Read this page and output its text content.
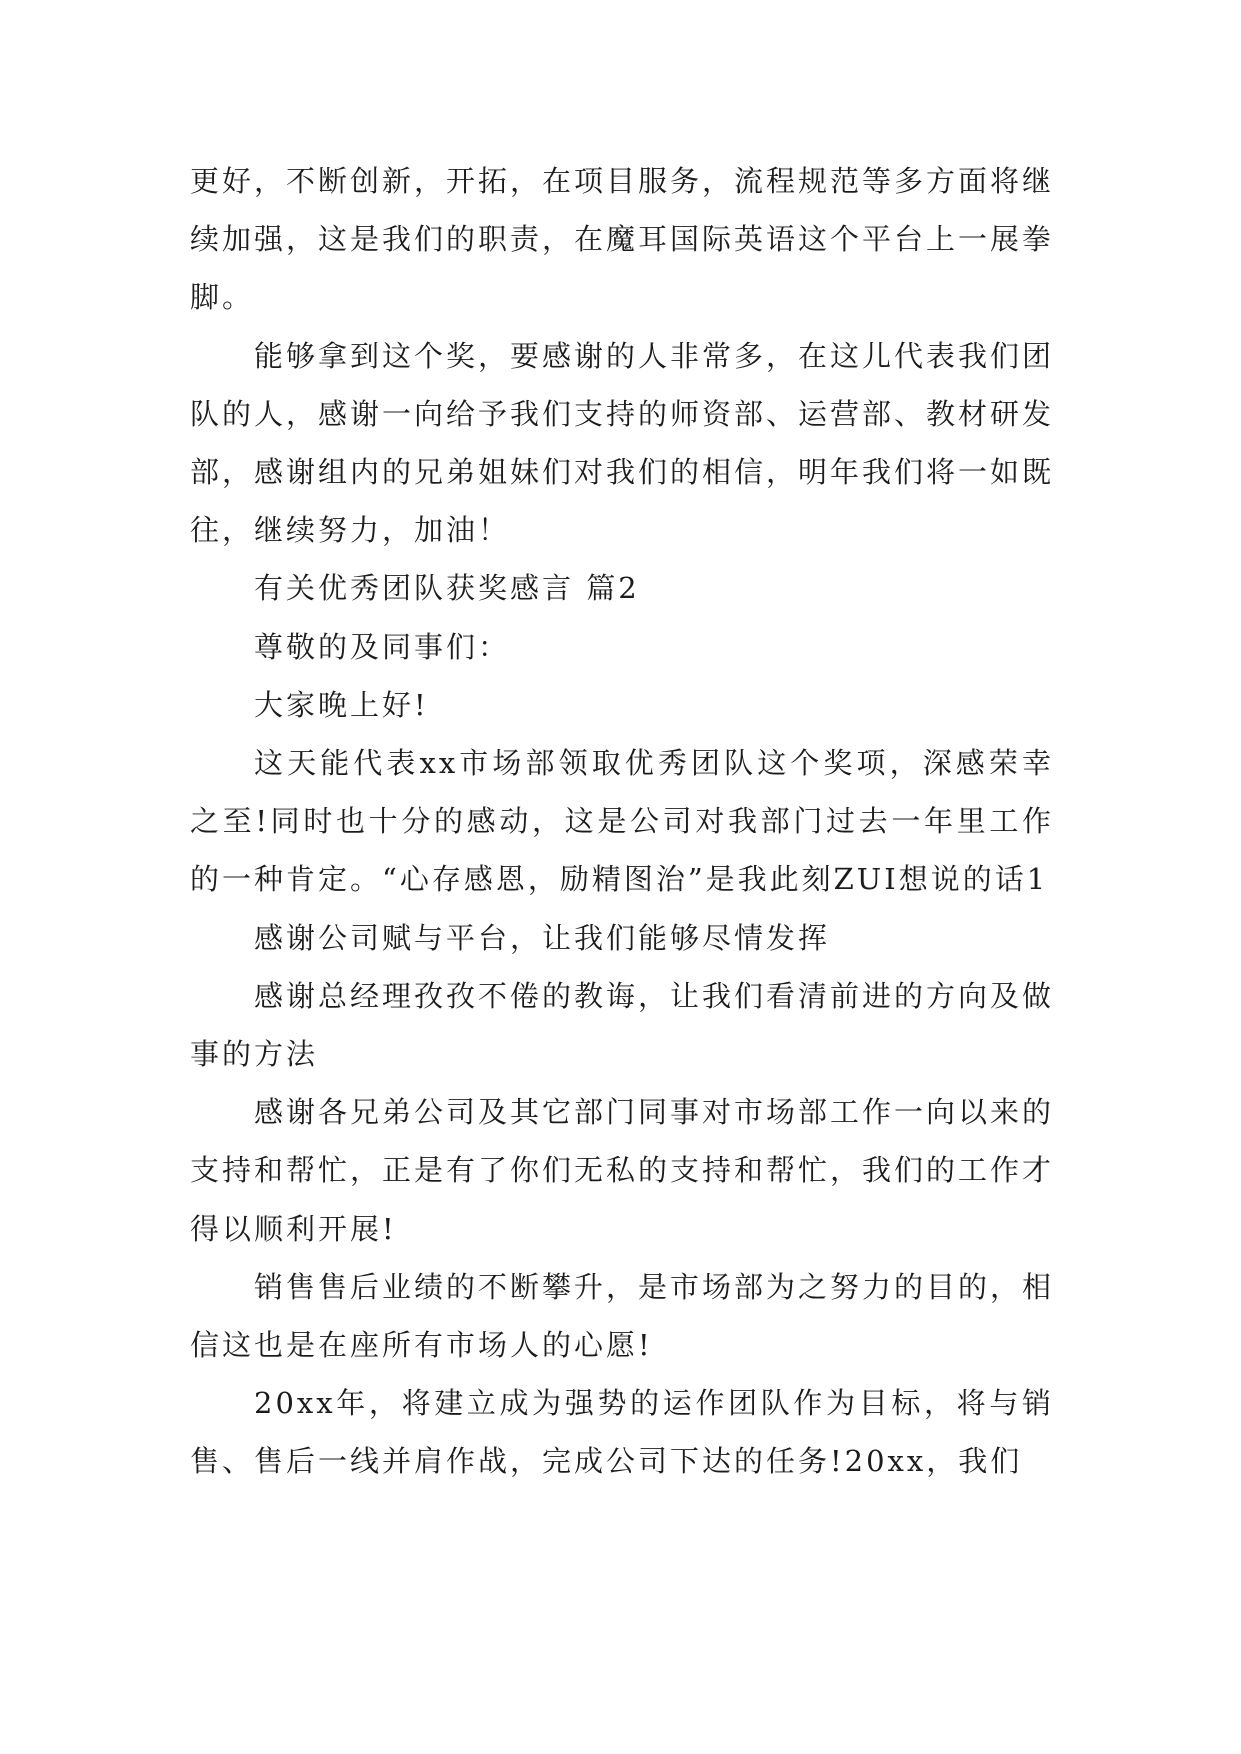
更好，不断创新，开拓，在项目服务，流程规范等多方面将继续加强，这是我们的职责，在魔耳国际英语这个平台上一展拳脚。

能够拿到这个奖，要感谢的人非常多，在这儿代表我们团队的人，感谢一向给予我们支持的师资部、运营部、教材研发部，感谢组内的兄弟姐妹们对我们的相信，明年我们将一如既往，继续努力，加油！

有关优秀团队获奖感言 篇2

尊敬的及同事们：

大家晚上好!

这天能代表xx市场部领取优秀团队这个奖项，深感荣幸之至!同时也十分的感动，这是公司对我部门过去一年里工作的一种肯定。“心存感恩，励精图治”是我此刻ZUI想说的话1

感谢公司赋与平台，让我们能够尽情发挥

感谢总经理孜孜不倦的教诲，让我们看清前进的方向及做事的方法

感谢各兄弟公司及其它部门同事对市场部工作一向以来的支持和帮忙，正是有了你们无私的支持和帮忙，我们的工作才得以顺利开展!

销售售后业绩的不断攀升，是市场部为之努力的目的，相信这也是在座所有市场人的心愿!

20xx年，将建立成为强势的运作团队作为目标，将与销售、售后一线并肩作战，完成公司下达的任务!20xx，我们
